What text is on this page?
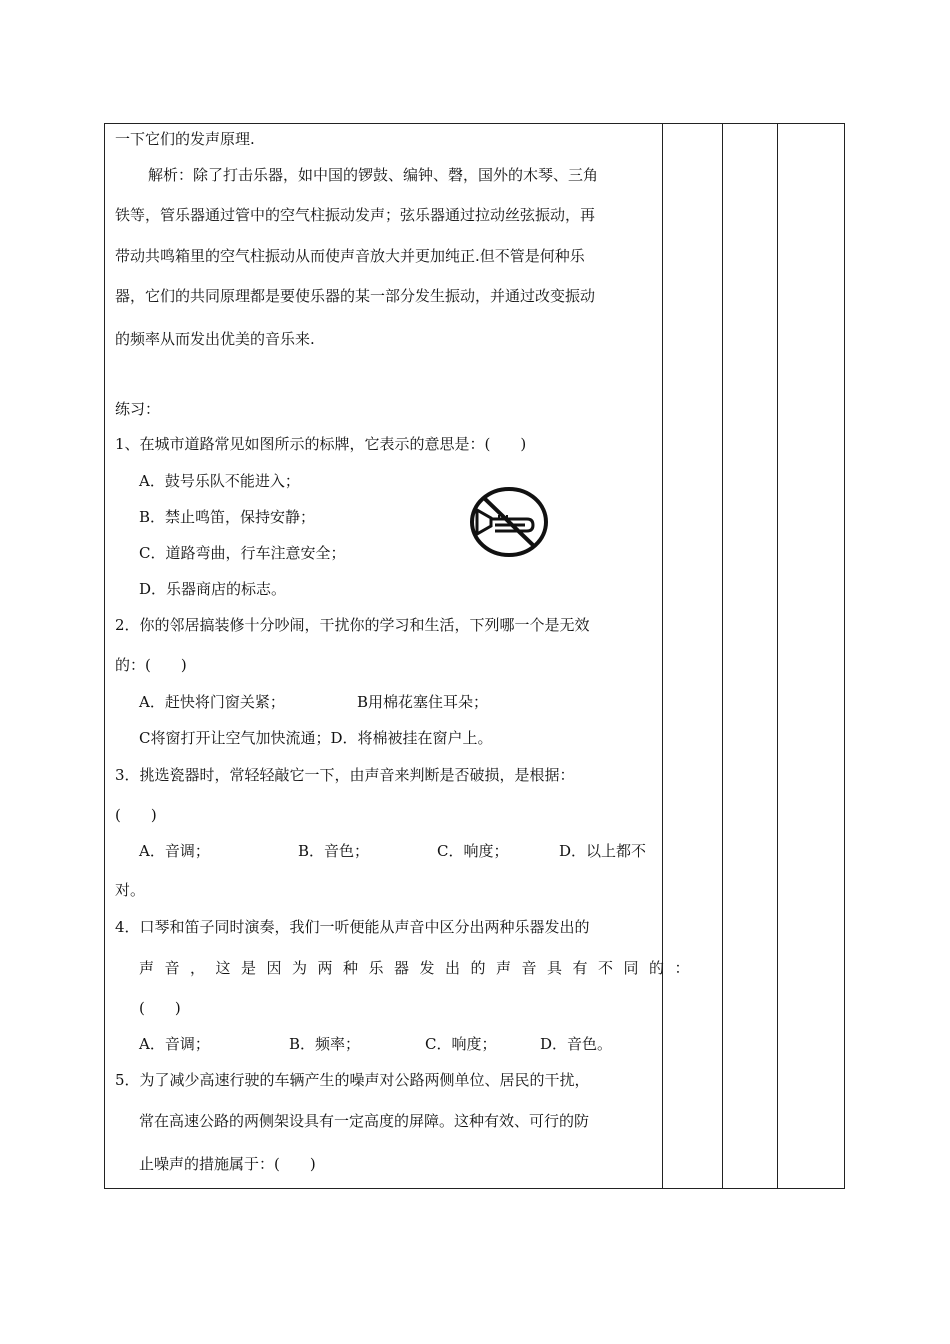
一下它们的发声原理.
解析：除了打击乐器，如中国的锣鼓、编钟、磬，国外的木琴、三角
铁等，管乐器通过管中的空气柱振动发声；弦乐器通过拉动丝弦振动，再
带动共鸣箱里的空气柱振动从而使声音放大并更加纯正.但不管是何种乐
器，它们的共同原理都是要使乐器的某一部分发生振动，并通过改变振动
的频率从而发出优美的音乐来.
练习：
1、在城市道路常见如图所示的标牌，它表示的意思是：(　　)
A．鼓号乐队不能进入；
B．禁止鸣笛，保持安静；
C．道路弯曲，行车注意安全；
D．乐器商店的标志。
2．你的邻居搞装修十分吵闹，干扰你的学习和生活，下列哪一个是无效
的：(　　)
A．赶快将门窗关紧；	B用棉花塞住耳朵；
C将窗打开让空气加快流通；D．将棉被挂在窗户上。
3．挑选瓷器时，常轻轻敲它一下，由声音来判断是否破损，是根据：
(　　)
A．音调；	B．音色；	C．响度；	D．以上都不
对。
4．口琴和笛子同时演奏，我们一听便能从声音中区分出两种乐器发出的
声音，这是因为两种乐器发出的声音具有不同的：
(　　)
A．音调；	B．频率；	C．响度；	D．音色。
5．为了减少高速行驶的车辆产生的噪声对公路两侧单位、居民的干扰，
常在高速公路的两侧架设具有一定高度的屏障。这种有效、可行的防
止噪声的措施属于：(　　)
